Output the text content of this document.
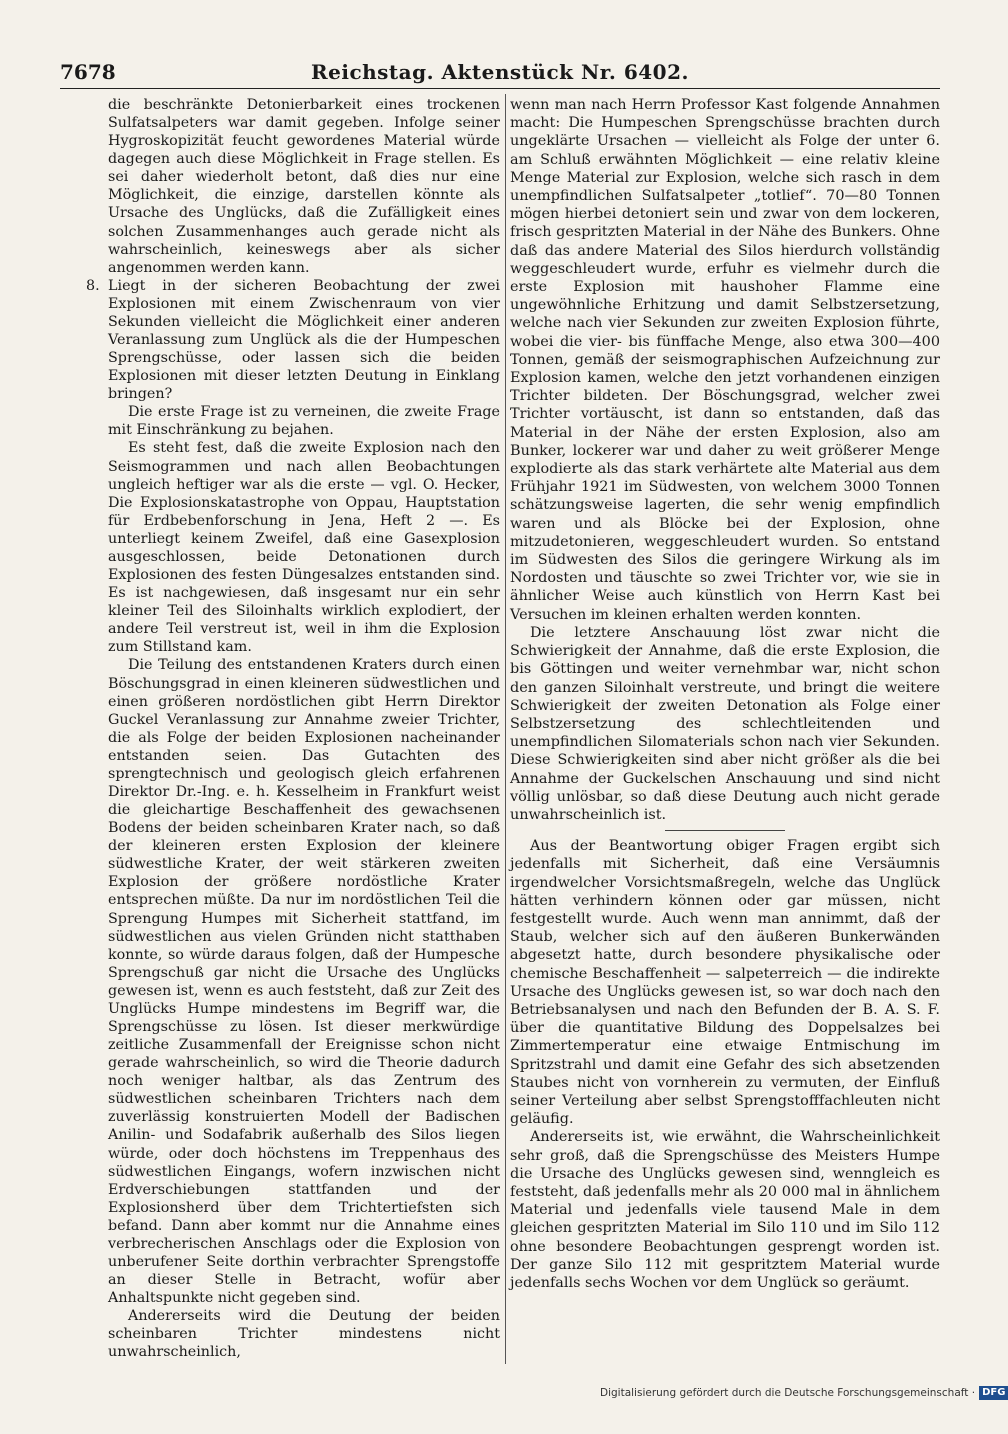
7678	Reichstag. Aktenstück Nr. 6402.

die beschränkte Detonierbarkeit eines trockenen Sulfatsalpeters war damit gegeben. Infolge seiner Hygroskopizität feucht gewordenes Material würde dagegen auch diese Möglichkeit in Frage stellen. Es sei daher wiederholt betont, daß dies nur eine Möglichkeit, die einzige, darstellen könnte als Ursache des Unglücks, daß die Zufälligkeit eines solchen Zusammenhanges auch gerade nicht als wahrscheinlich, keineswegs aber als sicher angenommen werden kann.

8. Liegt in der sicheren Beobachtung der zwei Explosionen mit einem Zwischenraum von vier Sekunden vielleicht die Möglichkeit einer anderen Veranlassung zum Unglück als die der Humpeschen Sprengschüsse, oder lassen sich die beiden Explosionen mit dieser letzten Deutung in Einklang bringen?

Die erste Frage ist zu verneinen, die zweite Frage mit Einschränkung zu bejahen.

Es steht fest, daß die zweite Explosion nach den Seismogrammen und nach allen Beobachtungen ungleich heftiger war als die erste — vgl. O. Hecker, Die Explosionskatastrophe von Oppau, Hauptstation für Erdbebenforschung in Jena, Heft 2 —. Es unterliegt keinem Zweifel, daß eine Gasexplosion ausgeschlossen, beide Detonationen durch Explosionen des festen Düngesalzes entstanden sind. Es ist nachgewiesen, daß insgesamt nur ein sehr kleiner Teil des Siloinhalts wirklich explodiert, der andere Teil verstreut ist, weil in ihm die Explosion zum Stillstand kam.

Die Teilung des entstandenen Kraters durch einen Böschungsgrad in einen kleineren südwestlichen und einen größeren nordöstlichen gibt Herrn Direktor Guckel Veranlassung zur Annahme zweier Trichter, die als Folge der beiden Explosionen nacheinander entstanden seien. Das Gutachten des sprengtechnisch und geologisch gleich erfahrenen Direktor Dr.-Ing. e. h. Kesselheim in Frankfurt weist die gleichartige Beschaffenheit des gewachsenen Bodens der beiden scheinbaren Krater nach, so daß der kleineren ersten Explosion der kleinere südwestliche Krater, der weit stärkeren zweiten Explosion der größere nordöstliche Krater entsprechen müßte. Da nur im nordöstlichen Teil die Sprengung Humpes mit Sicherheit stattfand, im südwestlichen aus vielen Gründen nicht statthaben konnte, so würde daraus folgen, daß der Humpesche Sprengschuß gar nicht die Ursache des Unglücks gewesen ist, wenn es auch feststeht, daß zur Zeit des Unglücks Humpe mindestens im Begriff war, die Sprengschüsse zu lösen. Ist dieser merkwürdige zeitliche Zusammenfall der Ereignisse schon nicht gerade wahrscheinlich, so wird die Theorie dadurch noch weniger haltbar, als das Zentrum des südwestlichen scheinbaren Trichters nach dem zuverlässig konstruierten Modell der Badischen Anilin- und Sodafabrik außerhalb des Silos liegen würde, oder doch höchstens im Treppenhaus des südwestlichen Eingangs, wofern inzwischen nicht Erdverschiebungen stattfanden und der Explosionsherd über dem Trichtertiefsten sich befand. Dann aber kommt nur die Annahme eines verbrecherischen Anschlags oder die Explosion von unberufener Seite dorthin verbrachter Sprengstoffe an dieser Stelle in Betracht, wofür aber Anhaltspunkte nicht gegeben sind.

Andererseits wird die Deutung der beiden scheinbaren Trichter mindestens nicht unwahrscheinlich,

wenn man nach Herrn Professor Kast folgende Annahmen macht: Die Humpeschen Sprengschüsse brachten durch ungeklärte Ursachen — vielleicht als Folge der unter 6. am Schluß erwähnten Möglichkeit — eine relativ kleine Menge Material zur Explosion, welche sich rasch in dem unempfindlichen Sulfatsalpeter „totlief“. 70—80 Tonnen mögen hierbei detoniert sein und zwar von dem lockeren, frisch gespritzten Material in der Nähe des Bunkers. Ohne daß das andere Material des Silos hierdurch vollständig weggeschleudert wurde, erfuhr es vielmehr durch die erste Explosion mit haushoher Flamme eine ungewöhnliche Erhitzung und damit Selbstzersetzung, welche nach vier Sekunden zur zweiten Explosion führte, wobei die vier- bis fünffache Menge, also etwa 300—400 Tonnen, gemäß der seismographischen Aufzeichnung zur Explosion kamen, welche den jetzt vorhandenen einzigen Trichter bildeten. Der Böschungsgrad, welcher zwei Trichter vortäuscht, ist dann so entstanden, daß das Material in der Nähe der ersten Explosion, also am Bunker, lockerer war und daher zu weit größerer Menge explodierte als das stark verhärtete alte Material aus dem Frühjahr 1921 im Südwesten, von welchem 3000 Tonnen schätzungsweise lagerten, die sehr wenig empfindlich waren und als Blöcke bei der Explosion, ohne mitzudetonieren, weggeschleudert wurden. So entstand im Südwesten des Silos die geringere Wirkung als im Nordosten und täuschte so zwei Trichter vor, wie sie in ähnlicher Weise auch künstlich von Herrn Kast bei Versuchen im kleinen erhalten werden konnten.

Die letztere Anschauung löst zwar nicht die Schwierigkeit der Annahme, daß die erste Explosion, die bis Göttingen und weiter vernehmbar war, nicht schon den ganzen Siloinhalt verstreute, und bringt die weitere Schwierigkeit der zweiten Detonation als Folge einer Selbstzersetzung des schlechtleitenden und unempfindlichen Silomaterials schon nach vier Sekunden. Diese Schwierigkeiten sind aber nicht größer als die bei Annahme der Guckelschen Anschauung und sind nicht völlig unlösbar, so daß diese Deutung auch nicht gerade unwahrscheinlich ist.

Aus der Beantwortung obiger Fragen ergibt sich jedenfalls mit Sicherheit, daß eine Versäumnis irgendwelcher Vorsichtsmaßregeln, welche das Unglück hätten verhindern können oder gar müssen, nicht festgestellt wurde. Auch wenn man annimmt, daß der Staub, welcher sich auf den äußeren Bunkerwänden abgesetzt hatte, durch besondere physikalische oder chemische Beschaffenheit — salpeterreich — die indirekte Ursache des Unglücks gewesen ist, so war doch nach den Betriebsanalysen und nach den Befunden der B. A. S. F. über die quantitative Bildung des Doppelsalzes bei Zimmertemperatur eine etwaige Entmischung im Spritzstrahl und damit eine Gefahr des sich absetzenden Staubes nicht von vornherein zu vermuten, der Einfluß seiner Verteilung aber selbst Sprengstofffachleuten nicht geläufig.

Andererseits ist, wie erwähnt, die Wahrscheinlichkeit sehr groß, daß die Sprengschüsse des Meisters Humpe die Ursache des Unglücks gewesen sind, wenngleich es feststeht, daß jedenfalls mehr als 20 000 mal in ähnlichem Material und jedenfalls viele tausend Male in dem gleichen gespritzten Material im Silo 110 und im Silo 112 ohne besondere Beobachtungen gesprengt worden ist. Der ganze Silo 112 mit gespritztem Material wurde jedenfalls sechs Wochen vor dem Unglück so geräumt.

Digitalisierung gefördert durch die Deutsche Forschungsgemeinschaft · DFG
